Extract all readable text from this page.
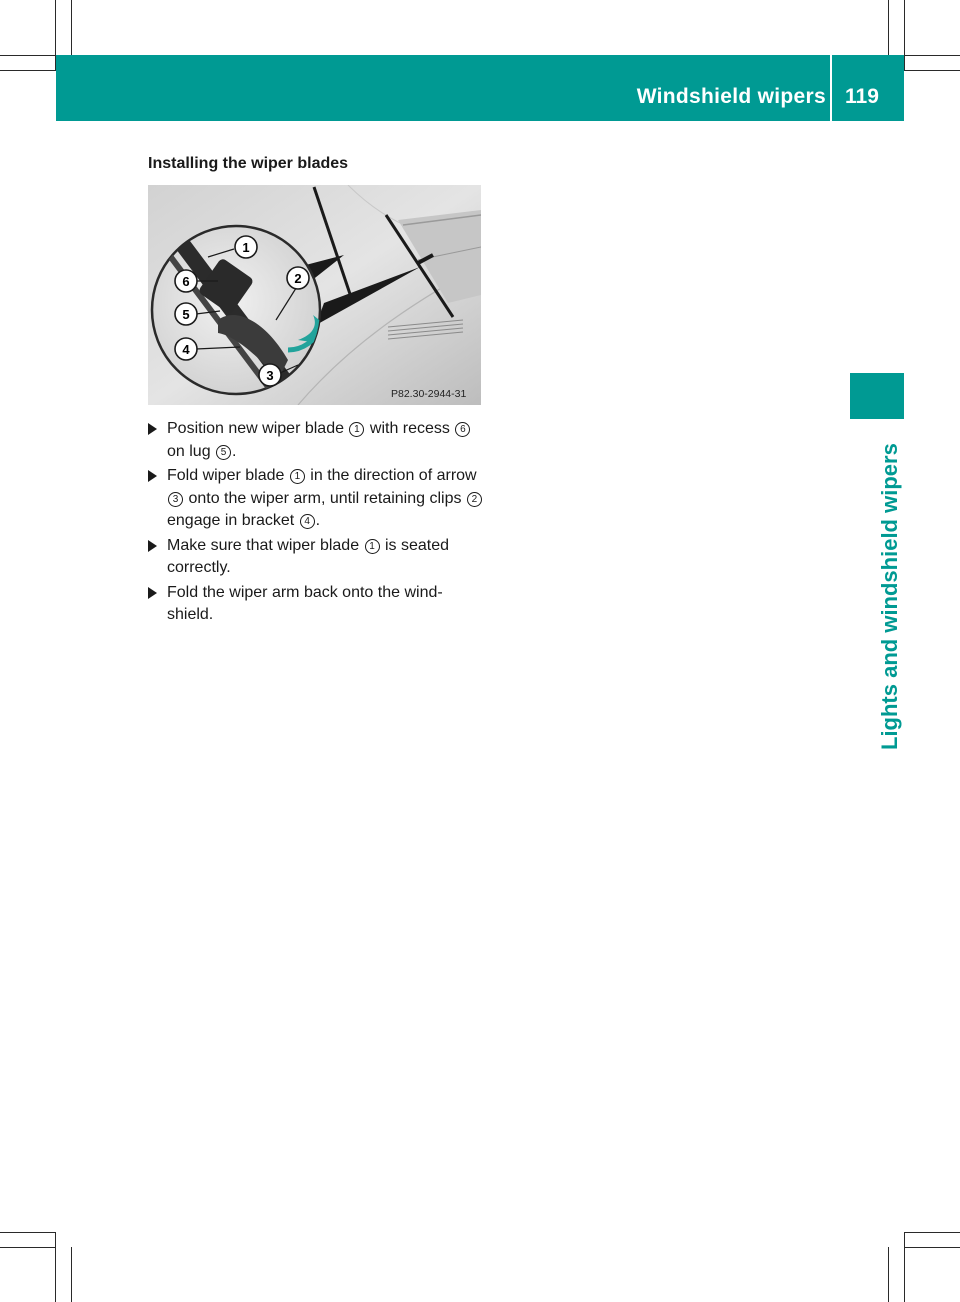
Windshield wipers 119
Lights and windshield wipers
Installing the wiper blades
1
2
3
4
5
6
P82.30-2944-31
Position new wiper blade 1 with recess 6 on lug 5 .
Fold wiper blade 1 in the direction of arrow 3 onto the wiper arm, until retaining clips 2 engage in bracket 4 .
Make sure that wiper blade 1 is seated correctly.
Fold the wiper arm back onto the wind-shield.
